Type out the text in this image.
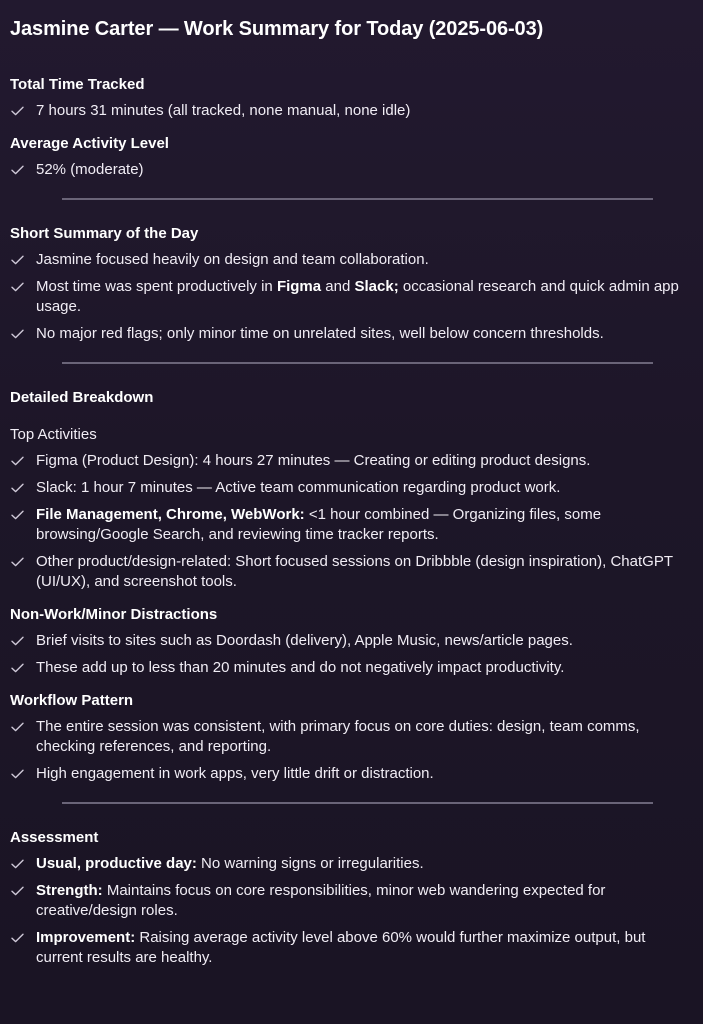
Jasmine Carter — Work Summary for Today (2025-06-03)
Total Time Tracked
7 hours 31 minutes (all tracked, none manual, none idle)
Average Activity Level
52% (moderate)
Short Summary of the Day
Jasmine focused heavily on design and team collaboration.
Most time was spent productively in Figma and Slack; occasional research and quick admin app usage.
No major red flags; only minor time on unrelated sites, well below concern thresholds.
Detailed Breakdown
Top Activities
Figma (Product Design): 4 hours 27 minutes — Creating or editing product designs.
Slack: 1 hour 7 minutes — Active team communication regarding product work.
File Management, Chrome, WebWork: <1 hour combined — Organizing files, some browsing/Google Search, and reviewing time tracker reports.
Other product/design-related: Short focused sessions on Dribbble (design inspiration), ChatGPT (UI/UX), and screenshot tools.
Non-Work/Minor Distractions
Brief visits to sites such as Doordash (delivery), Apple Music, news/article pages.
These add up to less than 20 minutes and do not negatively impact productivity.
Workflow Pattern
The entire session was consistent, with primary focus on core duties: design, team comms, checking references, and reporting.
High engagement in work apps, very little drift or distraction.
Assessment
Usual, productive day: No warning signs or irregularities.
Strength: Maintains focus on core responsibilities, minor web wandering expected for creative/design roles.
Improvement: Raising average activity level above 60% would further maximize output, but current results are healthy.
